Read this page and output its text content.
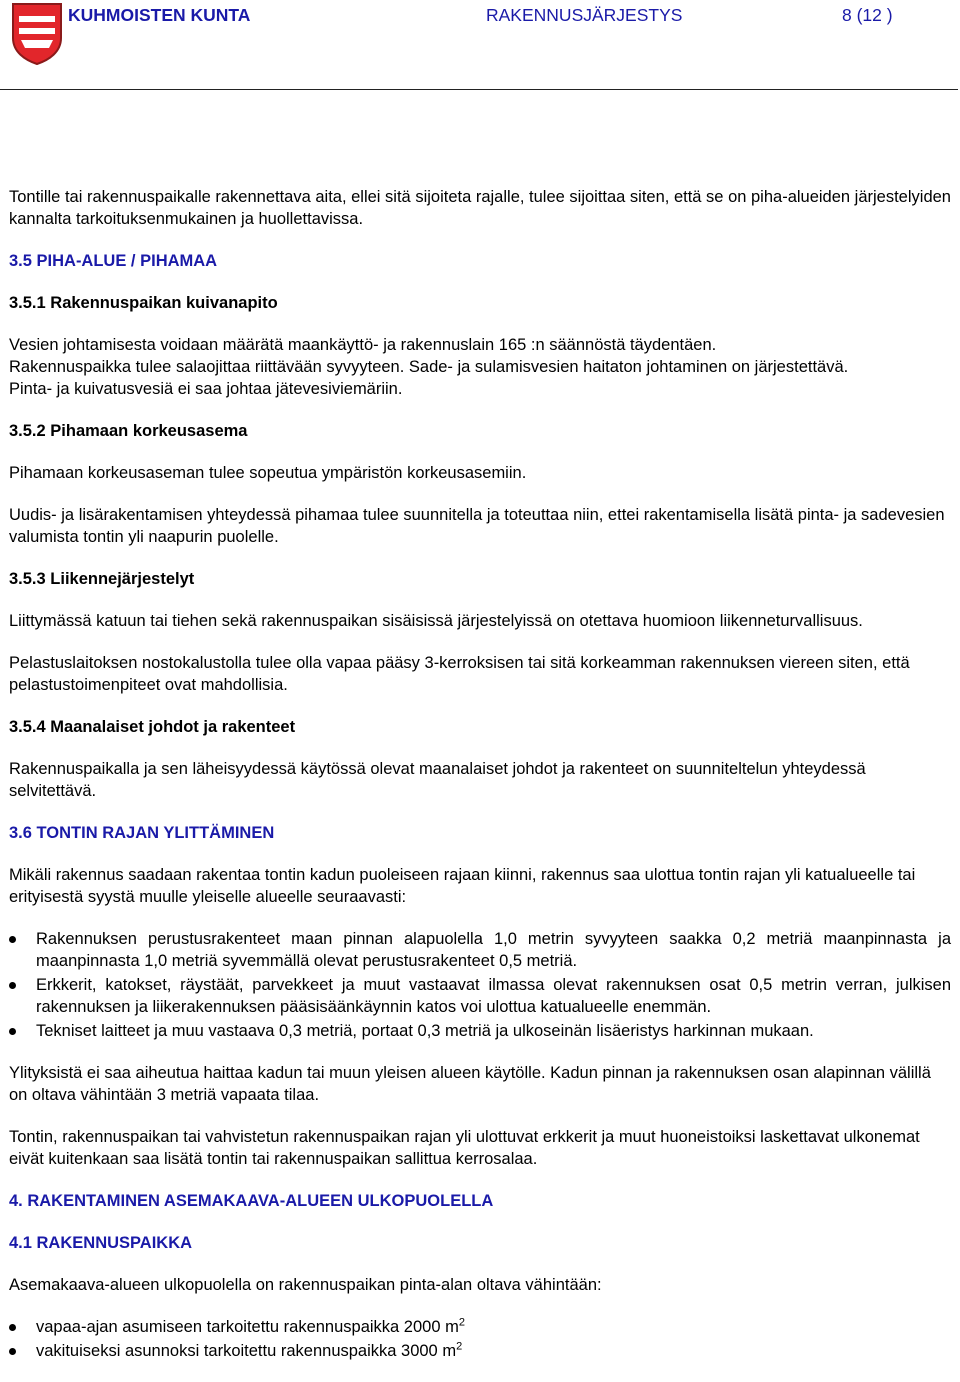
KUHMOISTEN KUNTA	RAKENNUSJÄRJESTYS	8 (12 )

Tontille tai rakennuspaikalle rakennettava aita, ellei sitä sijoiteta rajalle, tulee sijoittaa siten, että se on piha-alueiden järjestelyiden kannalta tarkoituksenmukainen ja huollettavissa.

3.5 PIHA-ALUE / PIHAMAA
3.5.1 Rakennuspaikan kuivanapito

Vesien johtamisesta voidaan määrätä maankäyttö- ja rakennuslain 165 :n säännöstä täydentäen.

Rakennuspaikka tulee salaojittaa riittävään syvyyteen. Sade- ja sulamisvesien haitaton johtaminen on järjestettävä.

Pinta- ja kuivatusvesiä ei saa johtaa jätevesiviemäriin.

3.5.2 Pihamaan korkeusasema

Pihamaan korkeusaseman tulee sopeutua ympäristön korkeusasemiin.

Uudis- ja lisärakentamisen yhteydessä pihamaa tulee suunnitella ja toteuttaa niin, ettei rakentamisella lisätä pinta- ja sadevesien valumista tontin yli naapurin puolelle.

3.5.3 Liikennejärjestelyt

Liittymässä katuun tai tiehen sekä rakennuspaikan sisäisissä järjestelyissä on otettava huomioon liikenneturvallisuus.

Pelastuslaitoksen nostokalustolla tulee olla vapaa pääsy 3-kerroksisen tai sitä korkeamman rakennuksen viereen siten, että pelastustoimenpiteet ovat mahdollisia.

3.5.4 Maanalaiset johdot ja rakenteet

Rakennuspaikalla ja sen läheisyydessä käytössä olevat maanalaiset johdot ja rakenteet on suunniteltelun yhteydessä selvitettävä.

3.6 TONTIN RAJAN YLITTÄMINEN

Mikäli rakennus saadaan rakentaa tontin kadun puoleiseen rajaan kiinni, rakennus saa ulottua tontin rajan yli katualueelle tai erityisestä syystä muulle yleiselle alueelle seuraavasti:

Rakennuksen perustusrakenteet maan pinnan alapuolella 1,0 metrin syvyyteen saakka 0,2 metriä maanpinnasta ja maanpinnasta 1,0 metriä syvemmällä olevat perustusrakenteet 0,5 metriä.
Erkkerit, katokset, räystäät, parvekkeet ja muut vastaavat ilmassa olevat rakennuksen osat 0,5 metrin verran, julkisen rakennuksen ja liikerakennuksen pääsisäänkäynnin katos voi ulottua katualueelle enemmän.
Tekniset laitteet ja muu vastaava 0,3 metriä, portaat 0,3 metriä ja ulkoseinän lisäeristys harkinnan mukaan.

Ylityksistä ei saa aiheutua haittaa kadun tai muun yleisen alueen käytölle. Kadun pinnan ja rakennuksen osan alapinnan välillä on oltava vähintään 3 metriä vapaata tilaa.

Tontin, rakennuspaikan tai vahvistetun rakennuspaikan rajan yli ulottuvat erkkerit ja muut huoneistoiksi laskettavat ulkonemat eivät kuitenkaan saa lisätä tontin tai rakennuspaikan sallittua kerrosalaa.

4. RAKENTAMINEN ASEMAKAAVA-ALUEEN ULKOPUOLELLA
4.1 RAKENNUSPAIKKA

Asemakaava-alueen ulkopuolella on rakennuspaikan pinta-alan oltava vähintään:

vapaa-ajan asumiseen tarkoitettu rakennuspaikka 2000 $m^2$
vakituiseksi asunnoksi tarkoitettu rakennuspaikka 3000 $m^2$
